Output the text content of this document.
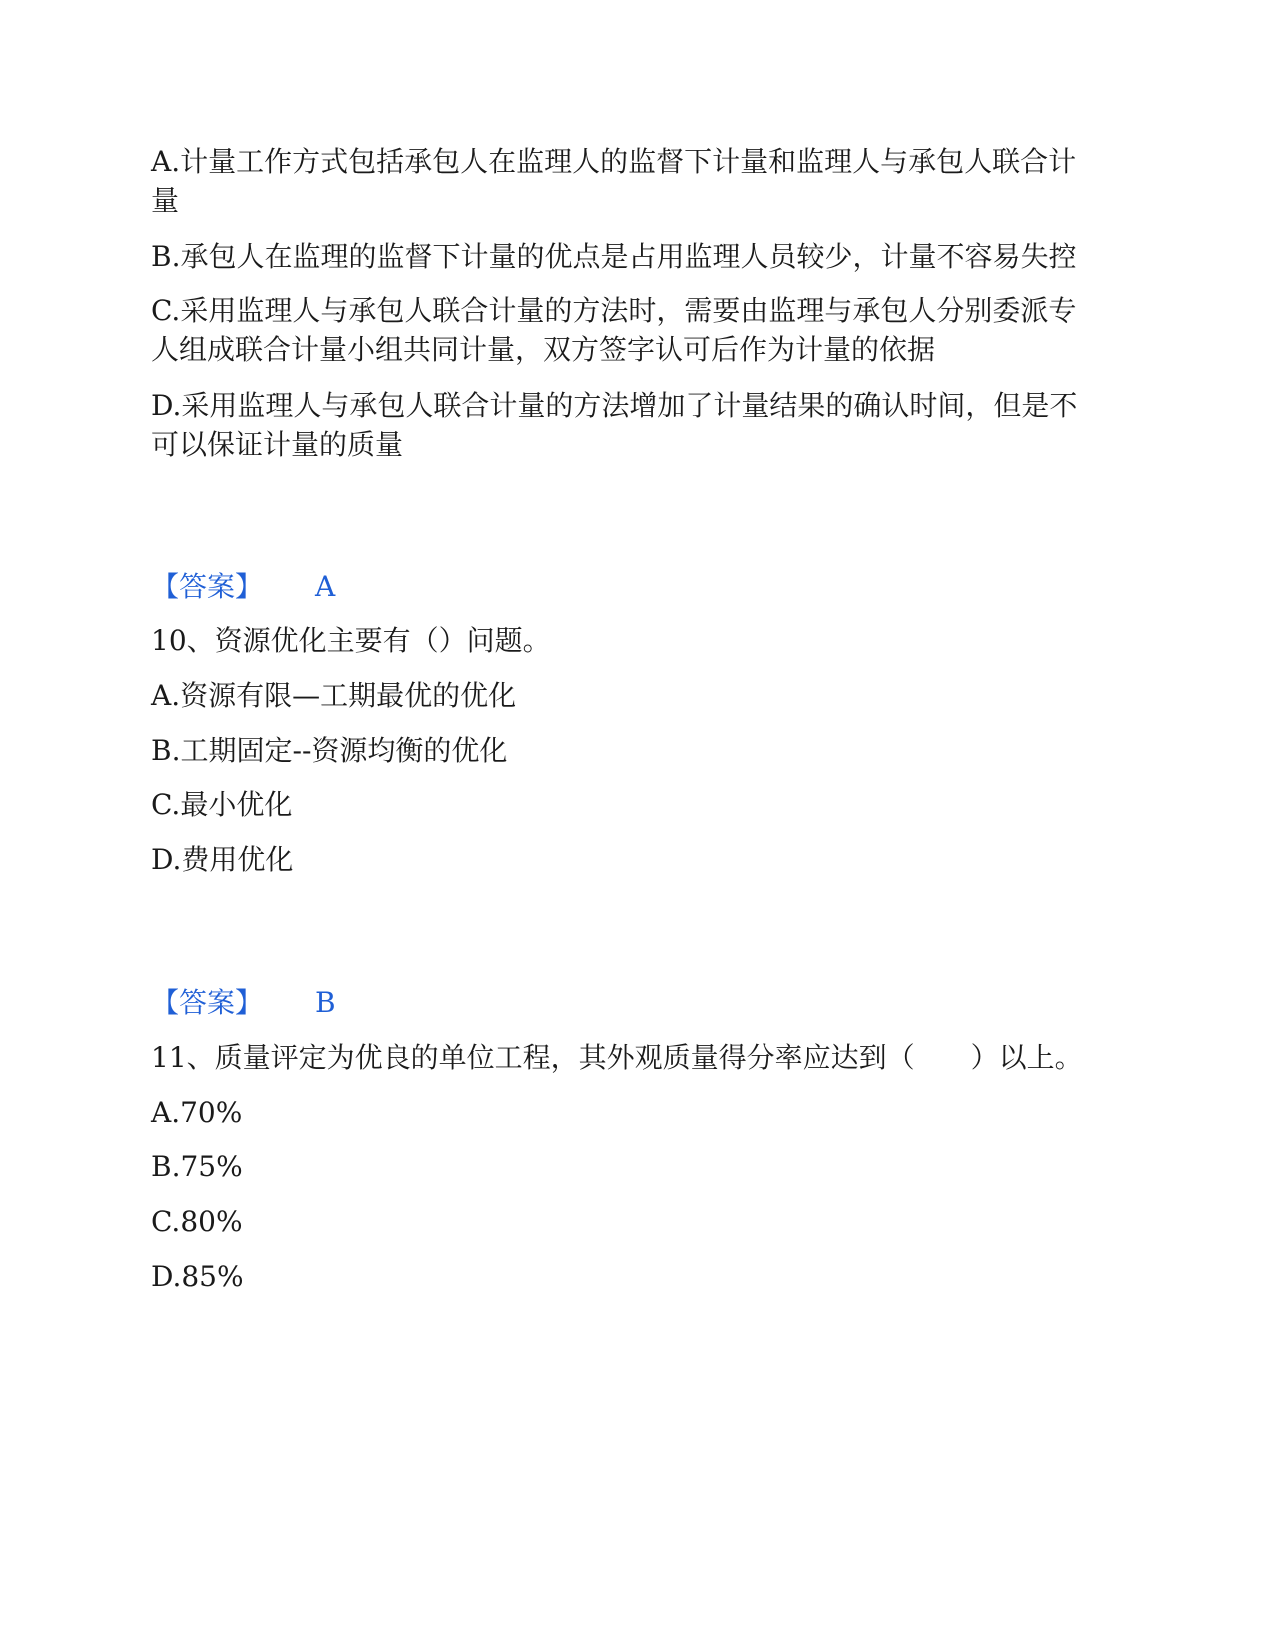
A.计量工作方式包括承包人在监理人的监督下计量和监理人与承包人联合计
量
B.承包人在监理的监督下计量的优点是占用监理人员较少，计量不容易失控
C.采用监理人与承包人联合计量的方法时，需要由监理与承包人分别委派专
人组成联合计量小组共同计量，双方签字认可后作为计量的依据
D.采用监理人与承包人联合计量的方法增加了计量结果的确认时间，但是不
可以保证计量的质量
【答案】 A
10、资源优化主要有（）问题。
A.资源有限—工期最优的优化
B.工期固定--资源均衡的优化
C.最小优化
D.费用优化
【答案】 B
11、质量评定为优良的单位工程，其外观质量得分率应达到（　　）以上。
A.70%
B.75%
C.80%
D.85%
